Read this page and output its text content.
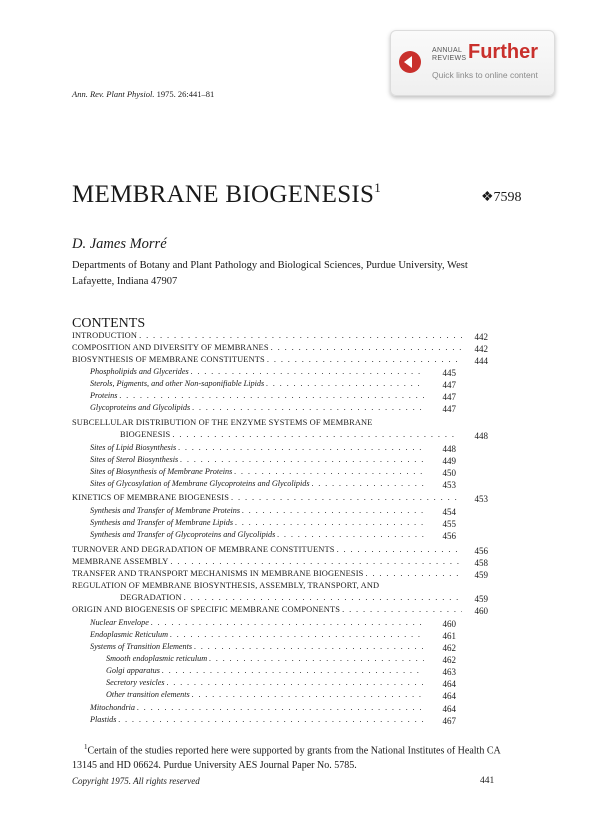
ANNUAL
REVIEWS Further
Quick links to online content
Ann. Rev. Plant Physiol. 1975. 26:441–81
MEMBRANE BIOGENESIS$^1$
❖7598
D. James Morré
Departments of Botany and Plant Pathology and Biological Sciences, Purdue University, West Lafayette, Indiana 47907
CONTENTS
INTRODUCTION . . .	442
COMPOSITION AND DIVERSITY OF MEMBRANES . . .	442
BIOSYNTHESIS OF MEMBRANE CONSTITUENTS . . .	444
Phospholipids and Glycerides . . .	445
Sterols, Pigments, and other Non-saponifiable Lipids . . .	447
Proteins . . .	447
Glycoproteins and Glycolipids . . .	447
SUBCELLULAR DISTRIBUTION OF THE ENZYME SYSTEMS OF MEMBRANE
BIOGENESIS . . .	448
Sites of Lipid Biosynthesis . . .	448
Sites of Sterol Biosynthesis . . .	449
Sites of Biosynthesis of Membrane Proteins . . .	450
Sites of Glycosylation of Membrane Glycoproteins and Glycolipids . . .	453
KINETICS OF MEMBRANE BIOGENESIS . . .	453
Synthesis and Transfer of Membrane Proteins . . .	454
Synthesis and Transfer of Membrane Lipids . . .	455
Synthesis and Transfer of Glycoproteins and Glycolipids . . .	456
TURNOVER AND DEGRADATION OF MEMBRANE CONSTITUENTS . . .	456
MEMBRANE ASSEMBLY . . .	458
TRANSFER AND TRANSPORT MECHANISMS IN MEMBRANE BIOGENESIS . . .	459
REGULATION OF MEMBRANE BIOSYNTHESIS, ASSEMBLY, TRANSPORT, AND
DEGRADATION . . .	459
ORIGIN AND BIOGENESIS OF SPECIFIC MEMBRANE COMPONENTS . . .	460
Nuclear Envelope . . .	460
Endoplasmic Reticulum . . .	461
Systems of Transition Elements . . .	462
Smooth endoplasmic reticulum . . .	462
Golgi apparatus . . .	463
Secretory vesicles . . .	464
Other transition elements . . .	464
Mitochondria . . .	464
Plastids . . .	467
$^1$Certain of the studies reported here were supported by grants from the National Institutes of Health CA 13145 and HD 06624. Purdue University AES Journal Paper No. 5785.
Copyright 1975. All rights reserved	441
